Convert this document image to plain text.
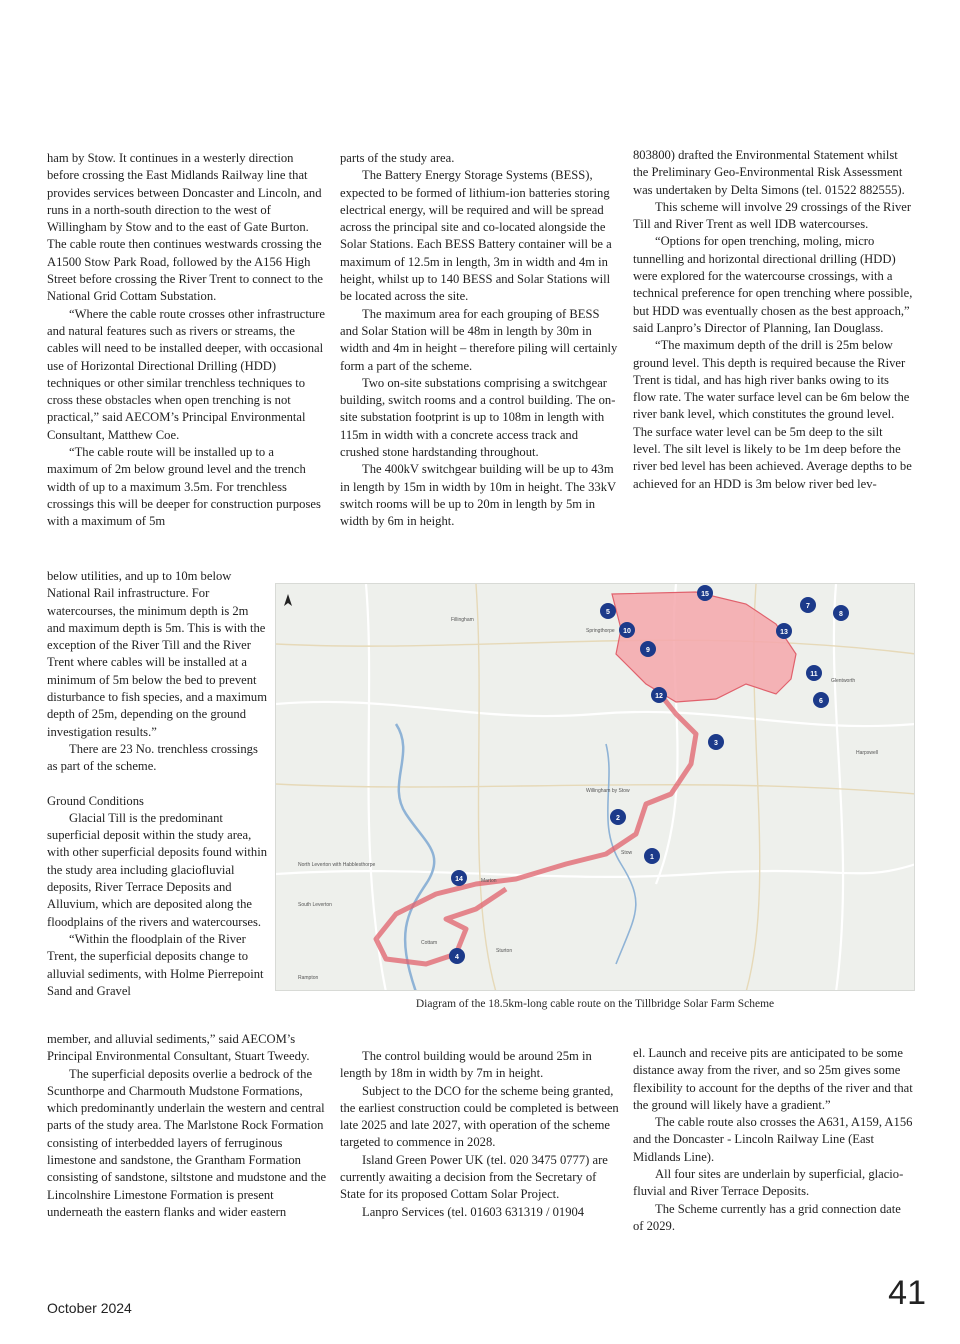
ham by Stow. It continues in a westerly direction before crossing the East Midlands Railway line that provides services between Doncaster and Lincoln, and runs in a north-south direction to the west of Willingham by Stow and to the east of Gate Burton. The cable route then continues westwards crossing the A1500 Stow Park Road, followed by the A156 High Street before crossing the River Trent to connect to the National Grid Cottam Substation.

“Where the cable route crosses other infrastructure and natural features such as rivers or streams, the cables will need to be installed deeper, with occasional use of Horizontal Directional Drilling (HDD) techniques or other similar trenchless techniques to cross these obstacles when open trenching is not practical,” said AECOM’s Principal Environmental Consultant, Matthew Coe.

“The cable route will be installed up to a maximum of 2m below ground level and the trench width of up to a maximum 3.5m. For trenchless crossings this will be deeper for construction purposes with a maximum of 5m

below utilities, and up to 10m below National Rail infrastructure. For watercourses, the minimum depth is 2m and maximum depth is 5m. This is with the exception of the River Till and the River Trent where cables will be installed at a minimum of 5m below the bed to prevent disturbance to fish species, and a maximum depth of 25m, depending on the ground investigation results.”

There are 23 No. trenchless crossings as part of the scheme.

Ground Conditions

Glacial Till is the predominant superficial deposit within the study area, with other superficial deposits found within the study area including glaciofluvial deposits, River Terrace Deposits and Alluvium, which are deposited along the floodplains of the rivers and watercourses.

“Within the floodplain of the River Trent, the superficial deposits change to alluvial sediments, with Holme Pierrepoint Sand and Gravel

member, and alluvial sediments,” said AECOM’s Principal Environmental Consultant, Stuart Tweedy.

The superficial deposits overlie a bedrock of the Scunthorpe and Charmouth Mudstone Formations, which predominantly underlain the western and central parts of the study area. The Marlstone Rock Formation consisting of interbedded layers of ferruginous limestone and sandstone, the Grantham Formation consisting of sandstone, siltstone and mudstone and the Lincolnshire Limestone Formation is present underneath the eastern flanks and wider eastern

parts of the study area.

The Battery Energy Storage Systems (BESS), expected to be formed of lithium-ion batteries storing electrical energy, will be required and will be spread across the principal site and co-located alongside the Solar Stations. Each BESS Battery container will be a maximum of 12.5m in length, 3m in width and 4m in height, whilst up to 140 BESS and Solar Stations will be located across the site.

The maximum area for each grouping of BESS and Solar Station will be 48m in length by 30m in width and 4m in height – therefore piling will certainly form a part of the scheme.

Two on-site substations comprising a switchgear building, switch rooms and a control building. The on-site substation footprint is up to 108m in length with 115m in width with a concrete access track and crushed stone hardstanding throughout.

The 400kV switchgear building will be up to 43m in length by 15m in width by 10m in height. The 33kV switch rooms will be up to 20m in length by 5m in width by 6m in height.

803800) drafted the Environmental Statement whilst the Preliminary Geo-Environmental Risk Assessment was undertaken by Delta Simons (tel. 01522 882555).

This scheme will involve 29 crossings of the River Till and River Trent as well IDB watercourses.

“Options for open trenching, moling, micro tunnelling and horizontal directional drilling (HDD) were explored for the watercourse crossings, with a technical preference for open trenching where possible, but HDD was eventually chosen as the best approach,” said Lanpro’s Director of Planning, Ian Douglass.

“The maximum depth of the drill is 25m below ground level. This depth is required because the River Trent is tidal, and has high river banks owing to its flow rate. The water surface level can be 6m below the river bank level, which constitutes the ground level. The surface water level can be 5m deep to the silt level. The silt level is likely to be 1m deep before the river bed level has been achieved. Average depths to be achieved for an HDD is 3m below river bed lev-

Fillingham
Springthorpe
Glentworth
Harpswell
Willingham by Stow
Stow
Marton
North Leverton with Habblesthorpe
South Leverton
Cottam
Rampton
Sturton
1
2
3
4
5
6
7
8
9
10
11
12
13
14
15
Diagram of the 18.5km-long cable route on the Tillbridge Solar Farm Scheme

The control building would be around 25m in length by 18m in width by 7m in height.

Subject to the DCO for the scheme being granted, the earliest construction could be completed is between late 2025 and late 2027, with operation of the scheme targeted to commence in 2028.

Island Green Power UK (tel. 020 3475 0777) are currently awaiting a decision from the Secretary of State for its proposed Cottam Solar Project.

Lanpro Services (tel. 01603 631319 / 01904

el. Launch and receive pits are anticipated to be some distance away from the river, and so 25m gives some flexibility to account for the depths of the river and that the ground will likely have a gradient.”

The cable route also crosses the A631, A159, A156 and the Doncaster - Lincoln Railway Line (East Midlands Line).

All four sites are underlain by superficial, glacio-fluvial and River Terrace Deposits.

The Scheme currently has a grid connection date of 2029.

October 2024	41
